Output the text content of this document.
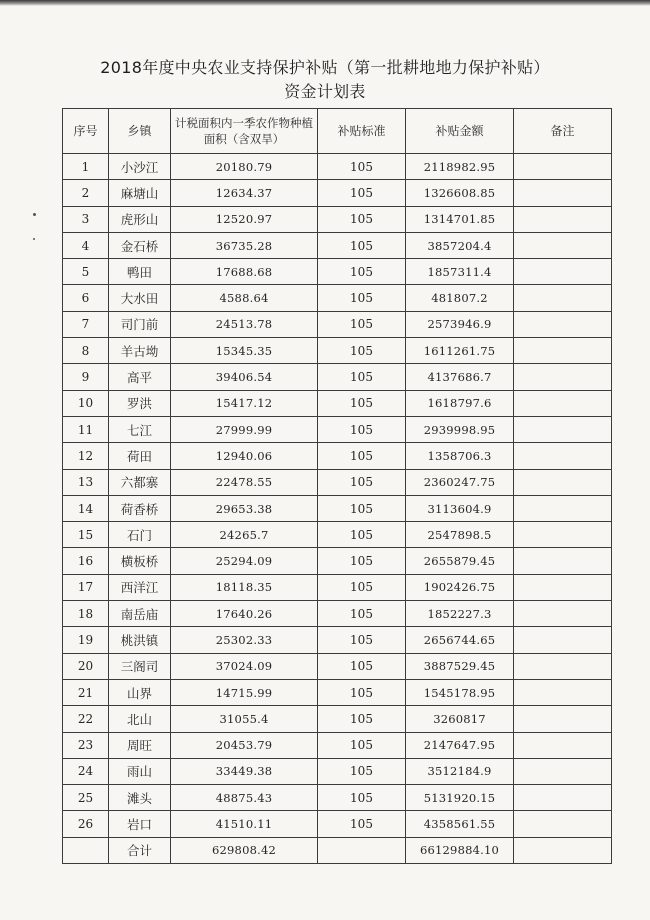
2018年度中央农业支持保护补贴（第一批耕地地力保护补贴）
资金计划表
序号	乡镇	计税面积内一季农作物种植面积（含双旱）	补贴标准	补贴金额	备注
1	小沙江	20180.79	105	2118982.95	
2	麻塘山	12634.37	105	1326608.85	
3	虎形山	12520.97	105	1314701.85	
4	金石桥	36735.28	105	3857204.4	
5	鸭田	17688.68	105	1857311.4	
6	大水田	4588.64	105	481807.2	
7	司门前	24513.78	105	2573946.9	
8	羊古坳	15345.35	105	1611261.75	
9	高平	39406.54	105	4137686.7	
10	罗洪	15417.12	105	1618797.6	
11	七江	27999.99	105	2939998.95	
12	荷田	12940.06	105	1358706.3	
13	六都寨	22478.55	105	2360247.75	
14	荷香桥	29653.38	105	3113604.9	
15	石门	24265.7	105	2547898.5	
16	横板桥	25294.09	105	2655879.45	
17	西洋江	18118.35	105	1902426.75	
18	南岳庙	17640.26	105	1852227.3	
19	桃洪镇	25302.33	105	2656744.65	
20	三阁司	37024.09	105	3887529.45	
21	山界	14715.99	105	1545178.95	
22	北山	31055.4	105	3260817	
23	周旺	20453.79	105	2147647.95	
24	雨山	33449.38	105	3512184.9	
25	滩头	48875.43	105	5131920.15	
26	岩口	41510.11	105	4358561.55	
	合计	629808.42		66129884.10	
